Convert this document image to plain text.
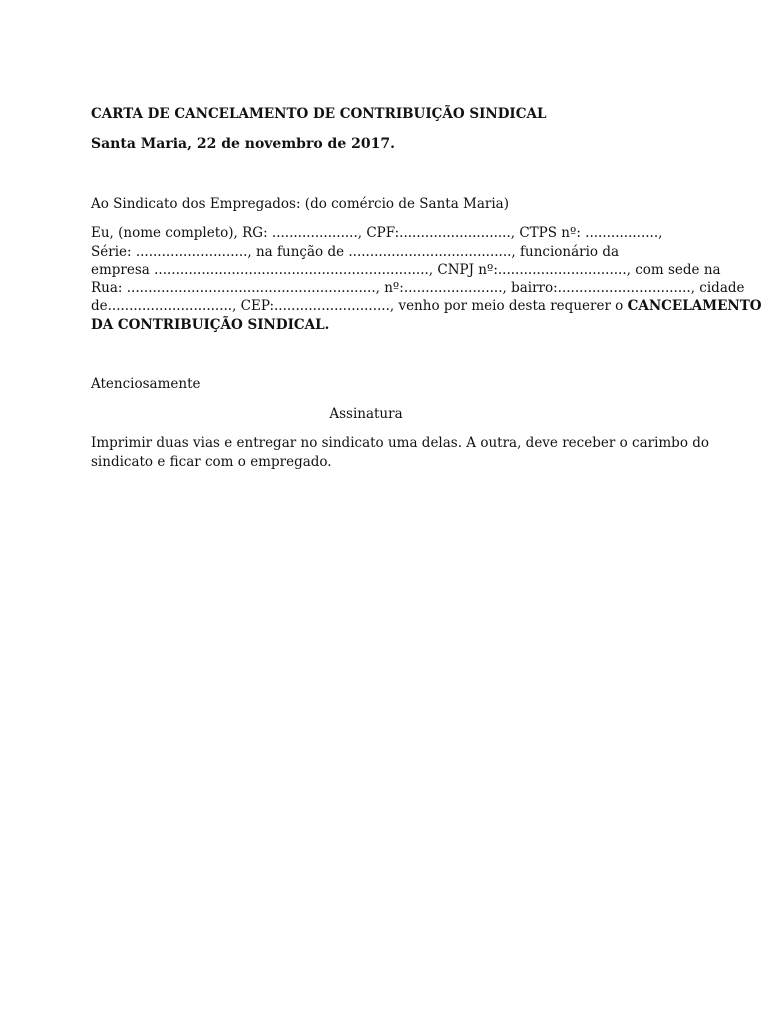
CARTA DE CANCELAMENTO DE CONTRIBUIÇÃO SINDICAL
Santa Maria, 22 de novembro de 2017.
Ao Sindicato dos Empregados: (do comércio de Santa Maria)
Eu, (nome completo), RG: ...................., CPF:.........................., CTPS nº: .................,
Série: .........................., na função de ......................................, funcionário da
empresa ................................................................, CNPJ nº:.............................., com sede na
Rua: .........................................................., nº:......................., bairro:..............................., cidade
de............................., CEP:..........................., venho por meio desta requerer o CANCELAMENTO
DA CONTRIBUIÇÃO SINDICAL.
Atenciosamente
Assinatura
Imprimir duas vias e entregar no sindicato uma delas. A outra, deve receber o carimbo do
sindicato e ficar com o empregado.
